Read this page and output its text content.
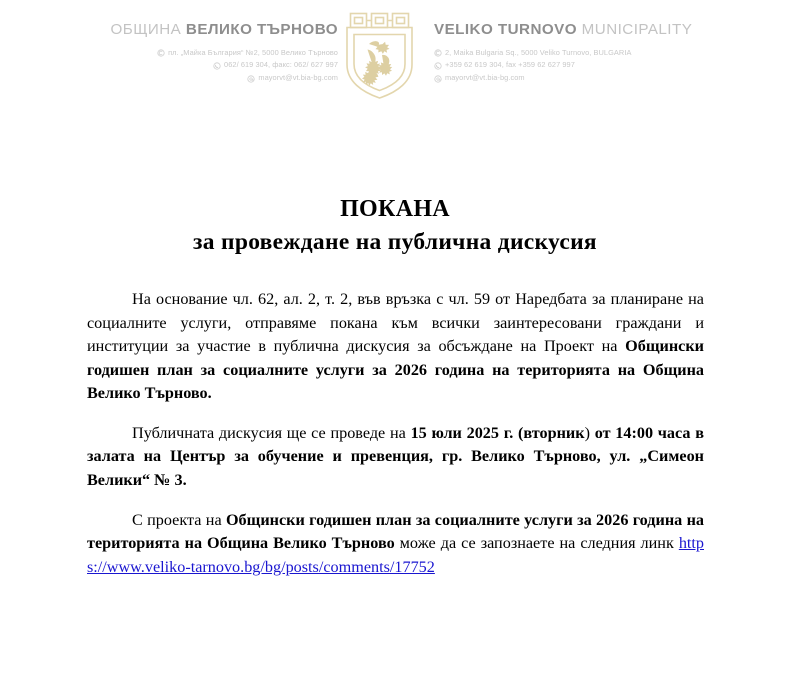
ОБЩИНА ВЕЛИКО ТЪРНОВО
пл. „Майка България“ №2, 5000 Велико Търново
062/ 619 304, факс: 062/ 627 997
mayorvt@vt.bia-bg.com
VELIKO TURNOVO MUNICIPALITY
2, Maika Bulgaria Sq., 5000 Veliko Turnovo, BULGARIA
+359 62 619 304, fax +359 62 627 997
mayorvt@vt.bia-bg.com
ПОКАНА
за провеждане на публична дискусия

На основание чл. 62, ал. 2, т. 2, във връзка с чл. 59 от Наредбата за планиране на социалните услуги, отправяме покана към всички заинтересовани граждани и институции за участие в публична дискусия за обсъждане на Проект на Общински годишен план за социалните услуги за 2026 година на територията на Община Велико Търново.

Публичната дискусия ще се проведе на 15 юли 2025 г. (вторник) от 14:00 часа в залата на Център за обучение и превенция, гр. Велико Търново, ул. „Симеон Велики“ № 3.

С проекта на Общински годишен план за социалните услуги за 2026 година на територията на Община Велико Търново може да се запознаете на следния линк https://www.veliko-tarnovo.bg/bg/posts/comments/17752
